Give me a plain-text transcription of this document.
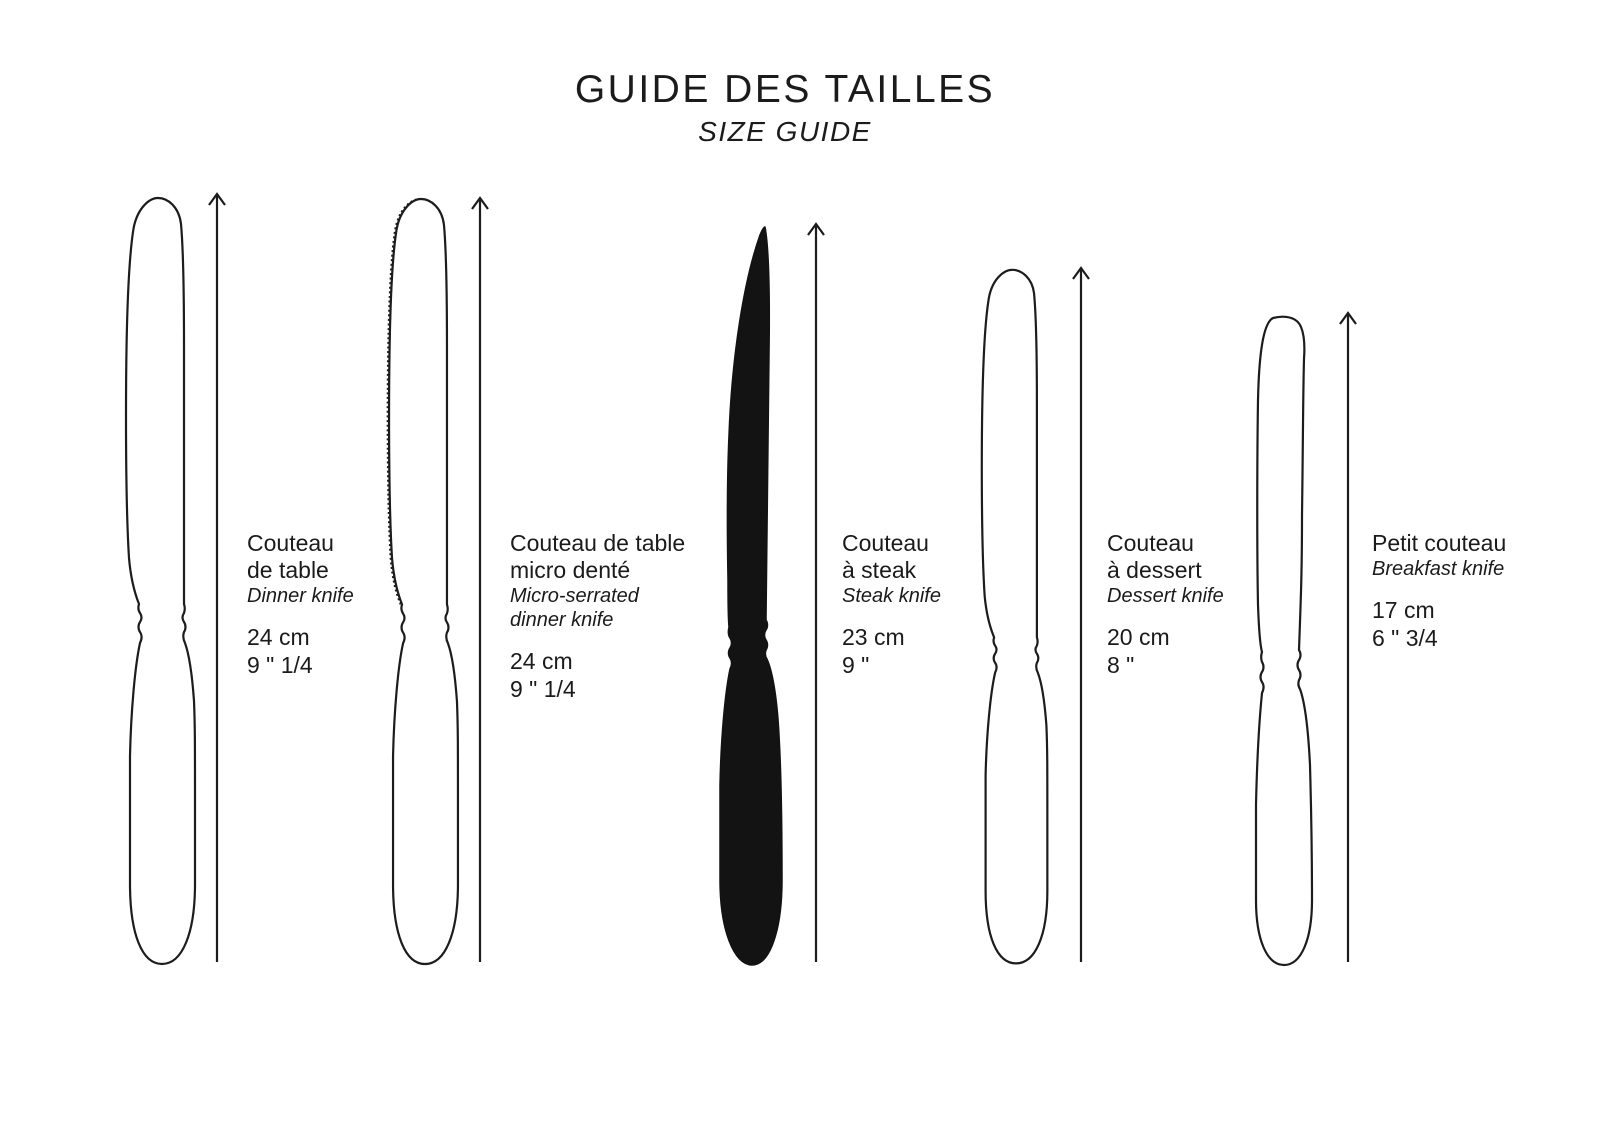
GUIDE DES TAILLES
SIZE GUIDE
Couteau
de table
Dinner knife
24 cm
9 " 1/4
Couteau de table
micro denté
Micro-serrated
dinner knife
24 cm
9 " 1/4
Couteau
à steak
Steak knife
23 cm
9 "
Couteau
à dessert
Dessert knife
20 cm
8 "
Petit couteau
Breakfast knife
17 cm
6 " 3/4
